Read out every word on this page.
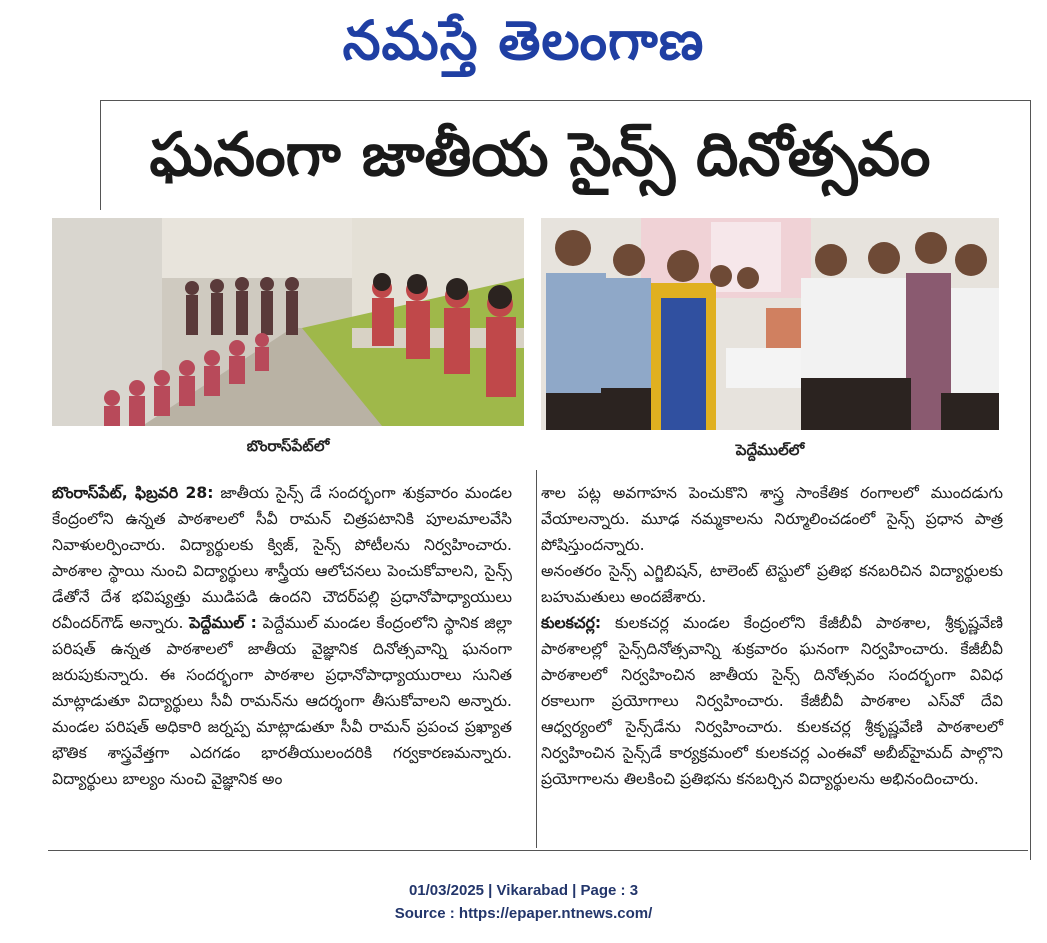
నమస్తే తెలంగాణ
ఘనంగా జాతీయ సైన్స్ దినోత్సవం
బొంరాస్‌పేట్‌లో	పెద్దేముల్‌లో

బొంరాస్‌పేట్, ఫిబ్రవరి 28: జాతీయ సైన్స్ డే సందర్భంగా శుక్రవారం మండల కేంద్రంలోని ఉన్నత పాఠశాలలో సీవీ రామన్ చిత్రపటానికి పూలమాలవేసి నివాళులర్పించారు. విద్యార్థులకు క్విజ్, సైన్స్ పోటీలను నిర్వహించారు. పాఠశాల స్థాయి నుంచి విద్యార్థులు శాస్త్రీయ ఆలోచనలు పెంచుకోవాలని, సైన్స్ డేతోనే దేశ భవిష్యత్తు ముడిపడి ఉందని చౌదర్‌పల్లి ప్రధానోపాధ్యాయులు రవీందర్‌గౌడ్ అన్నారు. పెద్దేముల్ : పెద్దేముల్ మండల కేంద్రంలోని స్థానిక జిల్లా పరిషత్ ఉన్నత పాఠశాలలో జాతీయ వైజ్ఞానిక దినోత్సవాన్ని ఘనంగా జరుపుకున్నారు. ఈ సందర్భంగా పాఠశాల ప్రధానోపాధ్యాయురాలు సునిత మాట్లాడుతూ విద్యార్థులు సీవీ రామన్‌ను ఆదర్శంగా తీసుకోవాలని అన్నారు. మండల పరిషత్ అధికారి జర్నప్ప మాట్లాడుతూ సీవీ రామన్ ప్రపంచ ప్రఖ్యాత భౌతిక శాస్త్రవేత్తగా ఎదగడం భారతీయులందరికి గర్వకారణమన్నారు. విద్యార్థులు బాల్యం నుంచి వైజ్ఞానిక అం

శాల పట్ల అవగాహన పెంచుకొని శాస్త్ర సాంకేతిక రంగాలలో ముందడుగు వేయాలన్నారు. మూఢ నమ్మకాలను నిర్మూలించడంలో సైన్స్ ప్రధాన పాత్ర పోషిస్తుందన్నారు.

అనంతరం సైన్స్ ఎగ్జిబిషన్, టాలెంట్ టెస్టులో ప్రతిభ కనబరిచిన విద్యార్థులకు బహుమతులు అందజేశారు.

కులకచర్ల: కులకచర్ల మండల కేంద్రంలోని కేజీబీవీ పాఠశాల, శ్రీకృష్ణవేణి పాఠశాలల్లో సైన్స్‌దినోత్సవాన్ని శుక్రవారం ఘనంగా నిర్వహించారు. కేజీబీవీ పాఠశాలలో నిర్వహించిన జాతీయ సైన్స్ దినోత్సవం సందర్భంగా వివిధ రకాలుగా ప్రయోగాలు నిర్వహించారు. కేజీబీవీ పాఠశాల ఎస్‌వో దేవి ఆధ్వర్యంలో సైన్స్‌డేను నిర్వహించారు. కులకచర్ల శ్రీకృష్ణవేణి పాఠశాలలో నిర్వహించిన సైన్స్‌డే కార్యక్రమంలో కులకచర్ల ఎంఈవో అబీబ్‌హైమద్ పాల్గొని ప్రయోగాలను తిలకించి ప్రతిభను కనబర్చిన విద్యార్థులను అభినందించారు.

01/03/2025 | Vikarabad | Page : 3
Source : https://epaper.ntnews.com/
